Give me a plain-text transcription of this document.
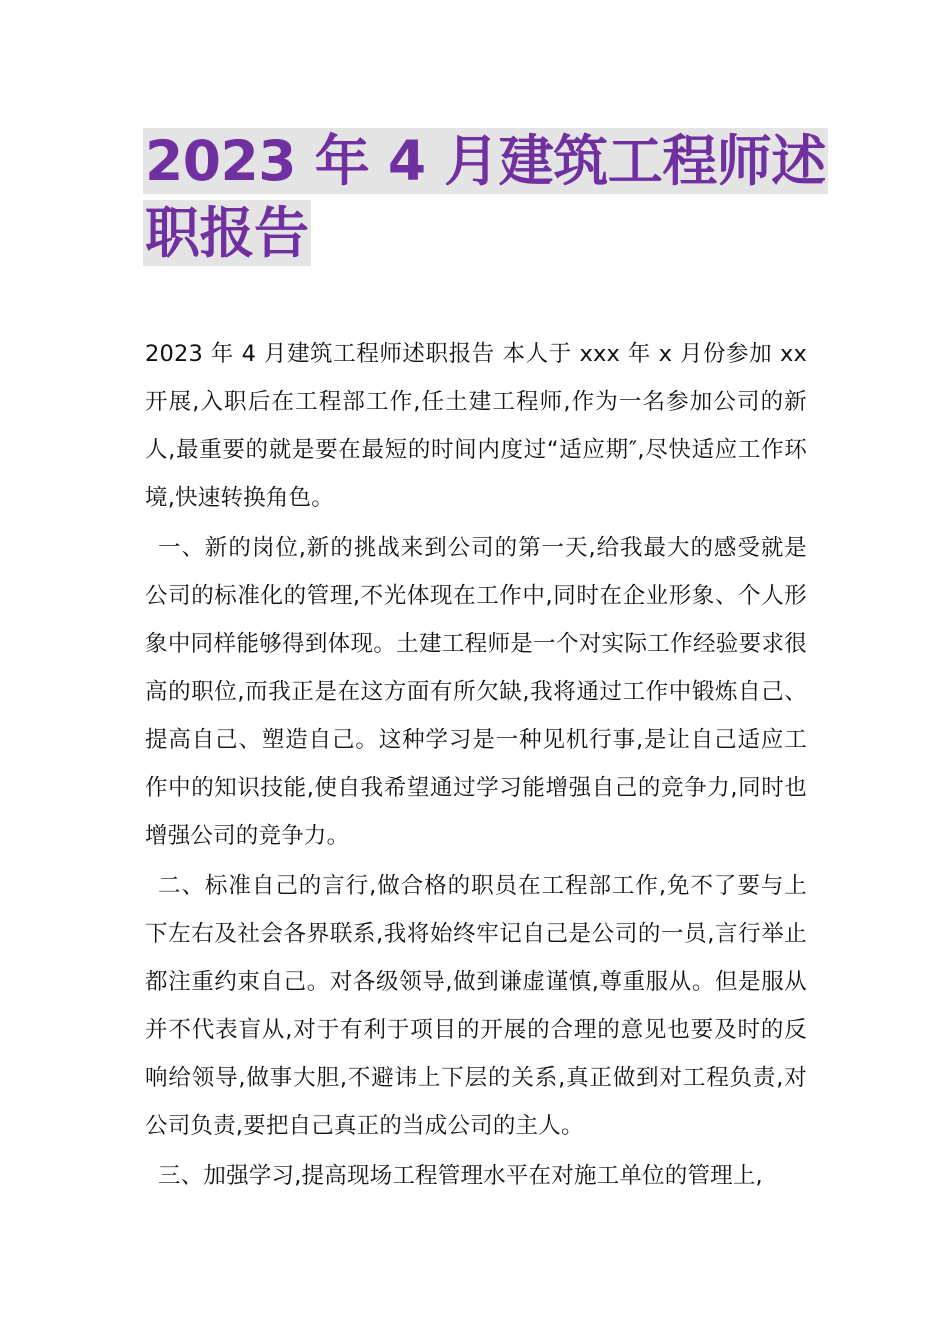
2023 年 4 月建筑工程师述
职报告

2023 年 4 月建筑工程师述职报告 本人于 xxx 年 x 月份参加 xx 开展,入职后在工程部工作,任土建工程师,作为一名参加公司的新人,最重要的就是要在最短的时间内度过“适应期″,尽快适应工作环境,快速转换角色。

一、新的岗位,新的挑战来到公司的第一天,给我最大的感受就是公司的标准化的管理,不光体现在工作中,同时在企业形象、个人形象中同样能够得到体现。土建工程师是一个对实际工作经验要求很高的职位,而我正是在这方面有所欠缺,我将通过工作中锻炼自己、提高自己、塑造自己。这种学习是一种见机行事,是让自己适应工作中的知识技能,使自我希望通过学习能增强自己的竞争力,同时也增强公司的竞争力。

二、标准自己的言行,做合格的职员在工程部工作,免不了要与上下左右及社会各界联系,我将始终牢记自己是公司的一员,言行举止都注重约束自己。对各级领导,做到谦虚谨慎,尊重服从。但是服从并不代表盲从,对于有利于项目的开展的合理的意见也要及时的反响给领导,做事大胆,不避讳上下层的关系,真正做到对工程负责,对公司负责,要把自己真正的当成公司的主人。

三、加强学习,提高现场工程管理水平在对施工单位的管理上,
